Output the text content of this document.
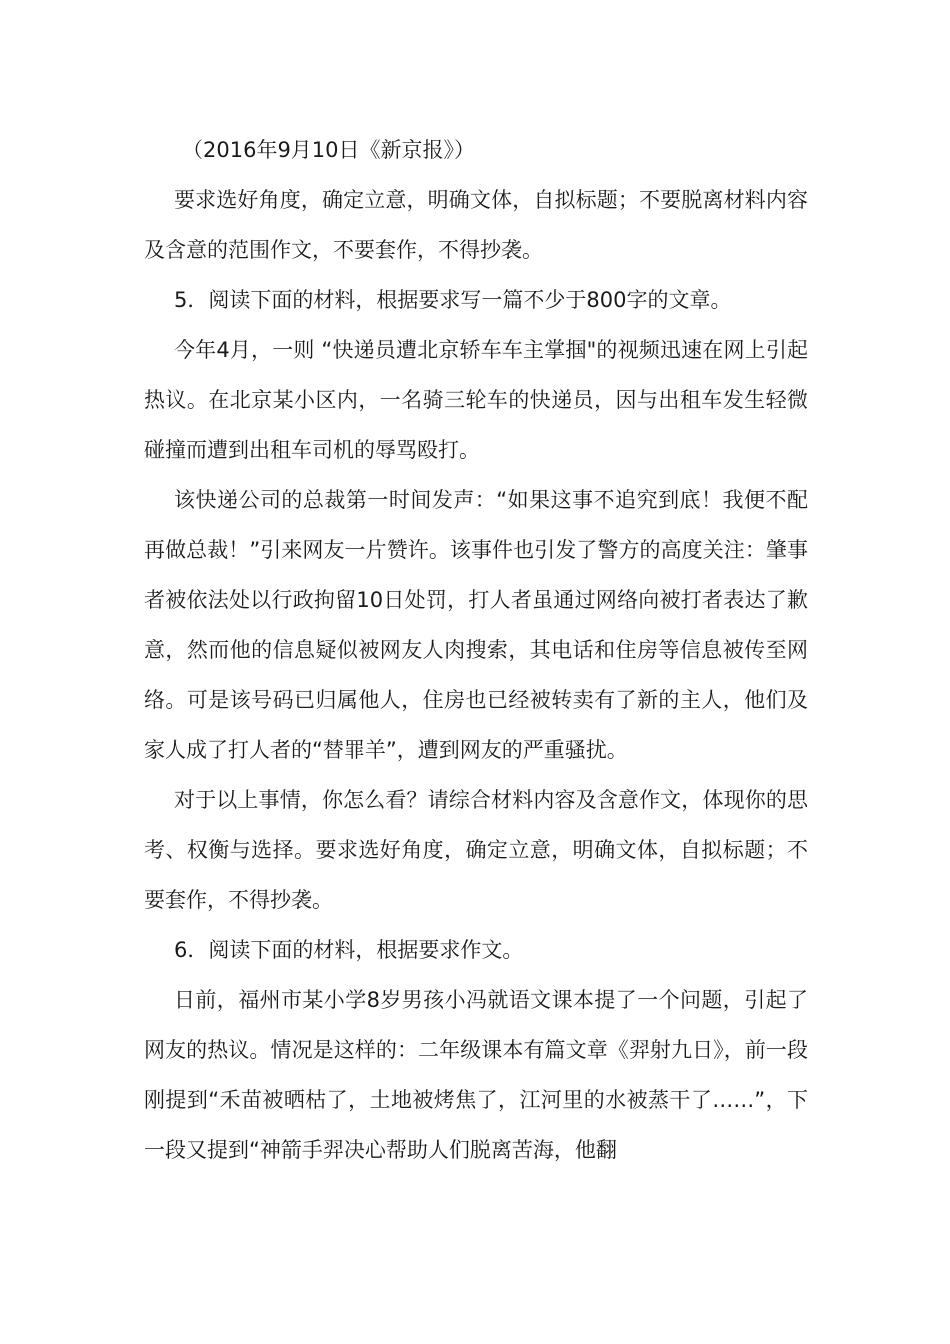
（2016年9月10日《新京报》）

要求选好角度，确定立意，明确文体，自拟标题；不要脱离材料内容及含意的范围作文，不要套作，不得抄袭。

5．阅读下面的材料，根据要求写一篇不少于800字的文章。

今年4月，一则 “快递员遭北京轿车车主掌掴"的视频迅速在网上引起热议。在北京某小区内，一名骑三轮车的快递员，因与出租车发生轻微碰撞而遭到出租车司机的辱骂殴打。

该快递公司的总裁第一时间发声：“如果这事不追究到底！我便不配再做总裁！”引来网友一片赞许。该事件也引发了警方的高度关注：肇事者被依法处以行政拘留10日处罚，打人者虽通过网络向被打者表达了歉意，然而他的信息疑似被网友人肉搜索，其电话和住房等信息被传至网络。可是该号码已归属他人，住房也已经被转卖有了新的主人，他们及家人成了打人者的“替罪羊”，遭到网友的严重骚扰。

对于以上事情，你怎么看？请综合材料内容及含意作文，体现你的思考、权衡与选择。要求选好角度，确定立意，明确文体，自拟标题；不要套作，不得抄袭。

6．阅读下面的材料，根据要求作文。

日前，福州市某小学8岁男孩小冯就语文课本提了一个问题，引起了网友的热议。情况是这样的：二年级课本有篇文章《羿射九日》，前一段刚提到“禾苗被晒枯了，土地被烤焦了，江河里的水被蒸干了……”，下一段又提到“神箭手羿决心帮助人们脱离苦海，他翻
